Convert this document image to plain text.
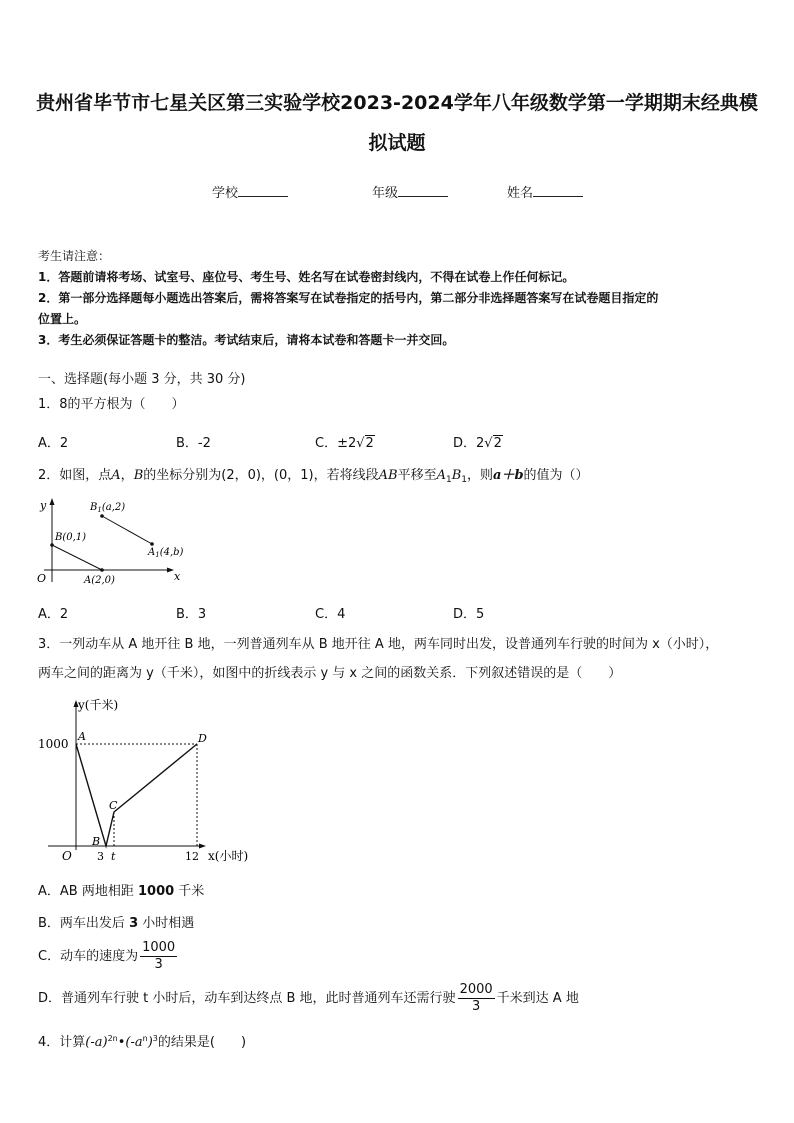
贵州省毕节市七星关区第三实验学校2023-2024学年八年级数学第一学期期末经典模
拟试题
学校	年级	姓名

考生请注意：

1．答题前请将考场、试室号、座位号、考生号、姓名写在试卷密封线内，不得在试卷上作任何标记。

2．第一部分选择题每小题选出答案后，需将答案写在试卷指定的括号内，第二部分非选择题答案写在试卷题目指定的

位置上。

3．考生必须保证答题卡的整洁。考试结束后，请将本试卷和答题卡一并交回。

一、选择题(每小题 3 分，共 30 分)
1．8的平方根为（　　）
A．2	B．-2	C．±2√2	D．2√2
2．如图，点A，B的坐标分别为(2，0)，(0，1)，若将线段AB平移至$A_1B_1$，则a＋b的值为（）
y
x
O
B(0,1)
A(2,0)
$B_1(a,2)$
$A_1(4,b)$
A．2	B．3	C．4	D．5
3．一列动车从 A 地开往 B 地，一列普通列车从 B 地开往 A 地，两车同时出发，设普通列车行驶的时间为 x（小时），
两车之间的距离为 y（千米），如图中的折线表示 y 与 x 之间的函数关系．下列叙述错误的是（　　）
y(千米)
x(小时)
1000
O
A
B
C
D
3 t	12
A．AB 两地相距 1000 千米
B．两车出发后 3 小时相遇
C．动车的速度为 $\frac{1000}{3}$
D．普通列车行驶 t 小时后，动车到达终点 B 地，此时普通列车还需行驶 $\frac{2000}{3}$ 千米到达 A 地
4．计算$(-a)^{2n}•(-a^n)^3$的结果是(　　)
